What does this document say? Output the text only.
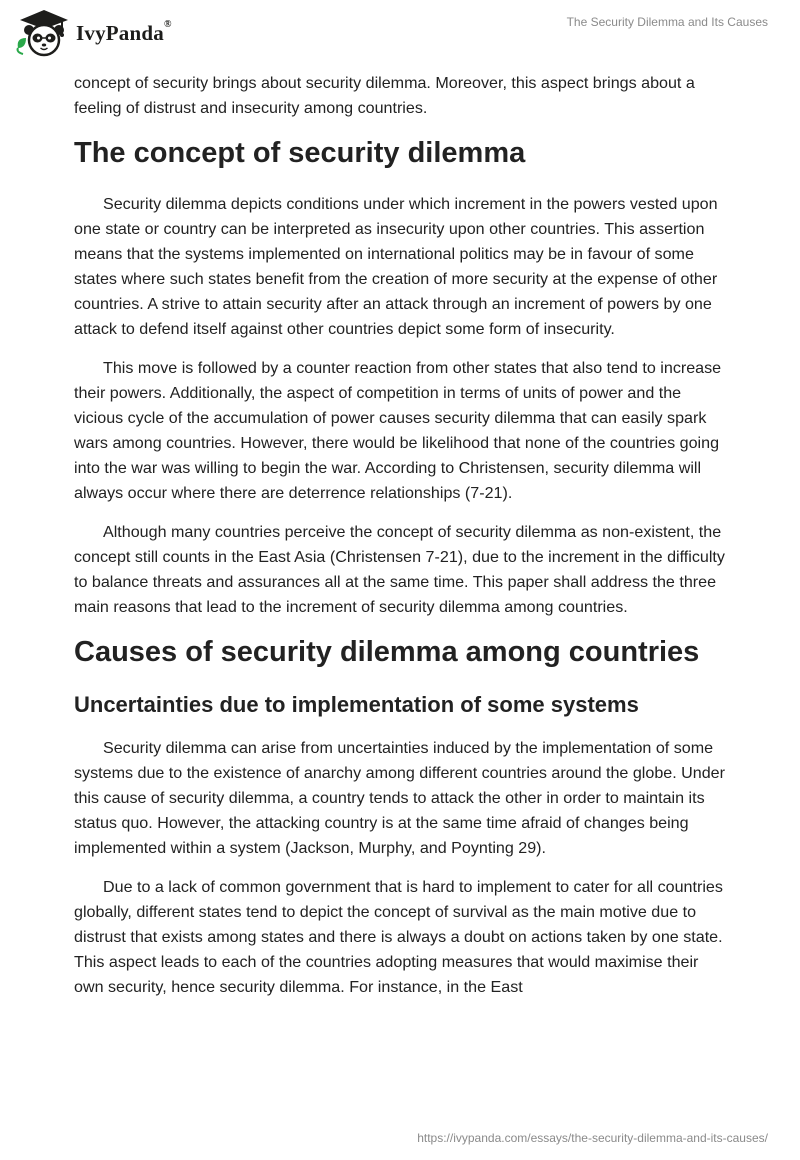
IvyPanda®	The Security Dilemma and Its Causes

concept of security brings about security dilemma. Moreover, this aspect brings about a feeling of distrust and insecurity among countries.

The concept of security dilemma

Security dilemma depicts conditions under which increment in the powers vested upon one state or country can be interpreted as insecurity upon other countries. This assertion means that the systems implemented on international politics may be in favour of some states where such states benefit from the creation of more security at the expense of other countries. A strive to attain security after an attack through an increment of powers by one attack to defend itself against other countries depict some form of insecurity.

This move is followed by a counter reaction from other states that also tend to increase their powers. Additionally, the aspect of competition in terms of units of power and the vicious cycle of the accumulation of power causes security dilemma that can easily spark wars among countries. However, there would be likelihood that none of the countries going into the war was willing to begin the war. According to Christensen, security dilemma will always occur where there are deterrence relationships (7-21).

Although many countries perceive the concept of security dilemma as non-existent, the concept still counts in the East Asia (Christensen 7-21), due to the increment in the difficulty to balance threats and assurances all at the same time. This paper shall address the three main reasons that lead to the increment of security dilemma among countries.

Causes of security dilemma among countries
Uncertainties due to implementation of some systems

Security dilemma can arise from uncertainties induced by the implementation of some systems due to the existence of anarchy among different countries around the globe. Under this cause of security dilemma, a country tends to attack the other in order to maintain its status quo. However, the attacking country is at the same time afraid of changes being implemented within a system (Jackson, Murphy, and Poynting 29).

Due to a lack of common government that is hard to implement to cater for all countries globally, different states tend to depict the concept of survival as the main motive due to distrust that exists among states and there is always a doubt on actions taken by one state. This aspect leads to each of the countries adopting measures that would maximise their own security, hence security dilemma. For instance, in the East

https://ivypanda.com/essays/the-security-dilemma-and-its-causes/
